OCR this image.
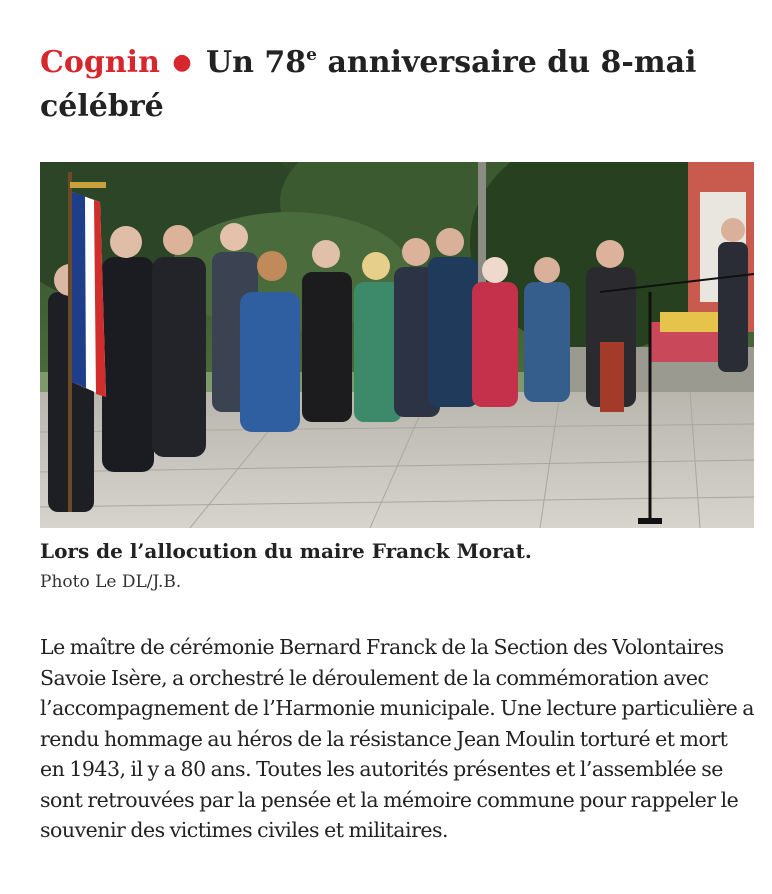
Cognin ● Un 78e anniversaire du 8-mai célébré

Lors de l’allocution du maire Franck Morat.

Photo Le DL/J.B.

Le maître de cérémonie Bernard Franck de la Section des Volontaires Savoie Isère, a orchestré le déroulement de la commémoration avec l’accompagnement de l’Harmonie municipale. Une lecture particulière a rendu hommage au héros de la résistance Jean Moulin torturé et mort en 1943, il y a 80 ans. Toutes les autorités présentes et l’assemblée se sont retrouvées par la pensée et la mémoire commune pour rappeler le souvenir des victimes civiles et militaires.
